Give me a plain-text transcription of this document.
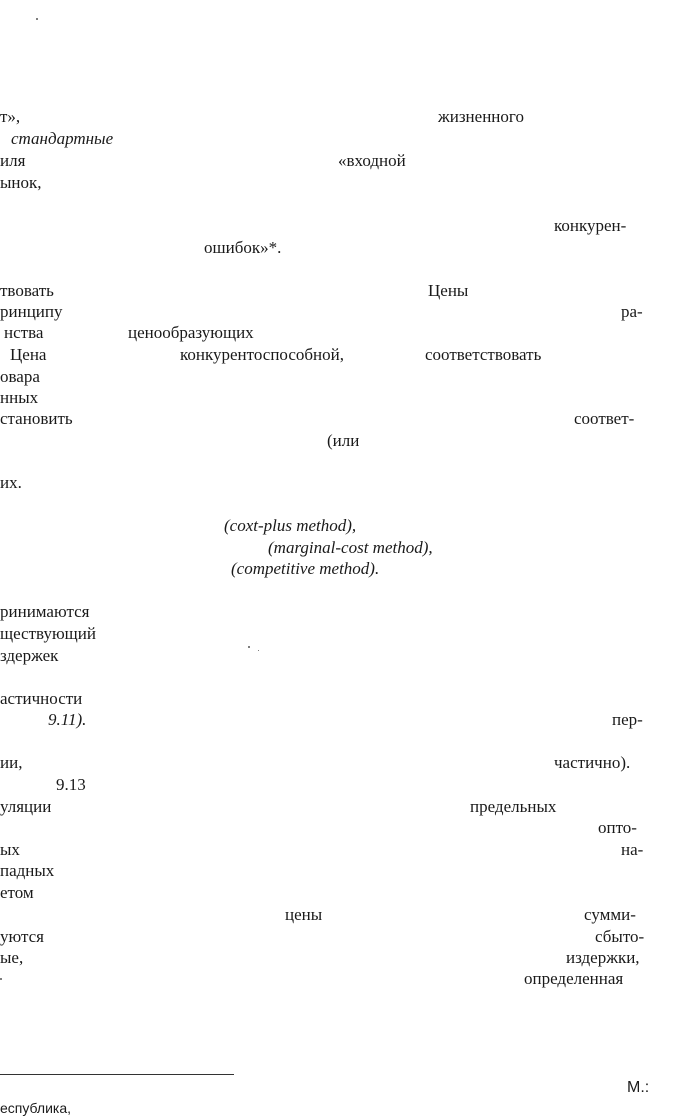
т»,	жизненного
стандартные
иля	«входной
ынок,
конкурен-
ошибок»*.
твовать	Цены
ринципу	ра-
нства	ценообразующих
Цена	конкурентоспособной,	соответствовать
овара
нных
становить	соответ-
(или
их.
(coxt-plus method),
(marginal-cost method),
(competitive method).
ринимаются
ществующий
здержек
астичности
9.11).	пер-
ии,	частично).
9.13
уляции	предельных
опто-
ых	на-
падных
етом
цены	сумми-
уются	сбыто-
ые,	издержки,
определенная
М.:
еспублика,
